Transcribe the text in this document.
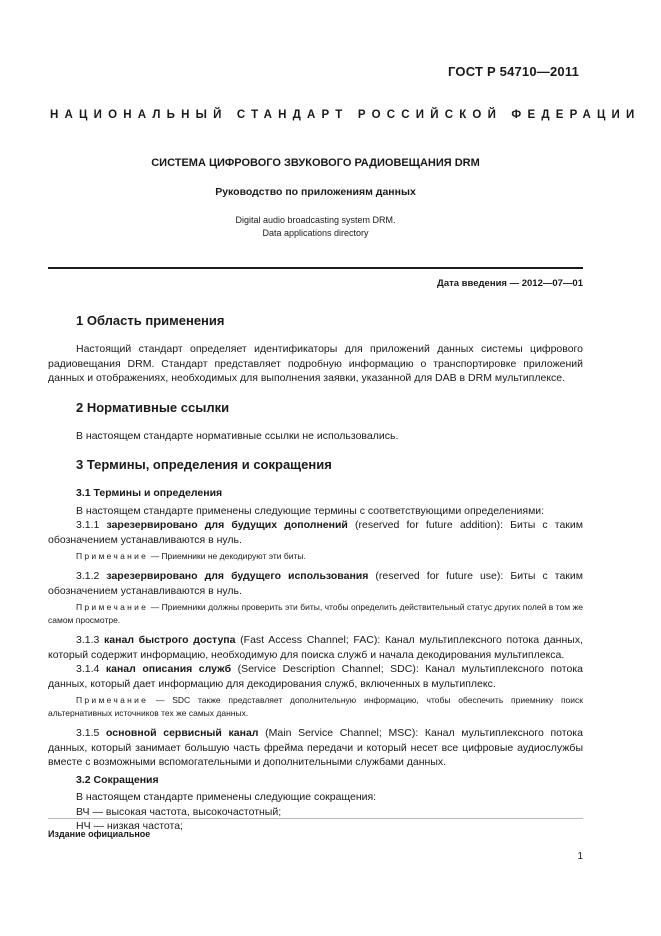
ГОСТ Р 54710—2011
НАЦИОНАЛЬНЫЙ СТАНДАРТ РОССИЙСКОЙ ФЕДЕРАЦИИ
СИСТЕМА ЦИФРОВОГО ЗВУКОВОГО РАДИОВЕЩАНИЯ DRM
Руководство по приложениям данных
Digital audio broadcasting system DRM.
Data applications directory
Дата введения — 2012—07—01
1 Область применения

Настоящий стандарт определяет идентификаторы для приложений данных системы цифрового радиовещания DRM. Стандарт представляет подробную информацию о транспортировке приложений данных и отображениях, необходимых для выполнения заявки, указанной для DAB в DRM мультиплексе.

2 Нормативные ссылки

В настоящем стандарте нормативные ссылки не использовались.

3 Термины, определения и сокращения
3.1 Термины и определения

В настоящем стандарте применены следующие термины с соответствующими определениями:

3.1.1 зарезервировано для будущих дополнений (reserved for future addition): Биты с таким обозначением устанавливаются в нуль.

Примечание — Приемники не декодируют эти биты.

3.1.2 зарезервировано для будущего использования (reserved for future use): Биты с таким обозначением устанавливаются в нуль.

Примечание — Приемники должны проверить эти биты, чтобы определить действительный статус других полей в том же самом просмотре.

3.1.3 канал быстрого доступа (Fast Access Channel; FAC): Канал мультиплексного потока данных, который содержит информацию, необходимую для поиска служб и начала декодирования мультиплекса.

3.1.4 канал описания служб (Service Description Channel; SDC): Канал мультиплексного потока данных, который дает информацию для декодирования служб, включенных в мультиплекс.

Примечание — SDC также представляет дополнительную информацию, чтобы обеспечить приемнику поиск альтернативных источников тех же самых данных.

3.1.5 основной сервисный канал (Main Service Channel; MSC): Канал мультиплексного потока данных, который занимает большую часть фрейма передачи и который несет все цифровые аудиослужбы вместе с возможными вспомогательными и дополнительными службами данных.

3.2 Сокращения

В настоящем стандарте применены следующие сокращения:

ВЧ — высокая частота, высокочастотный;

НЧ — низкая частота;

Издание официальное
1
